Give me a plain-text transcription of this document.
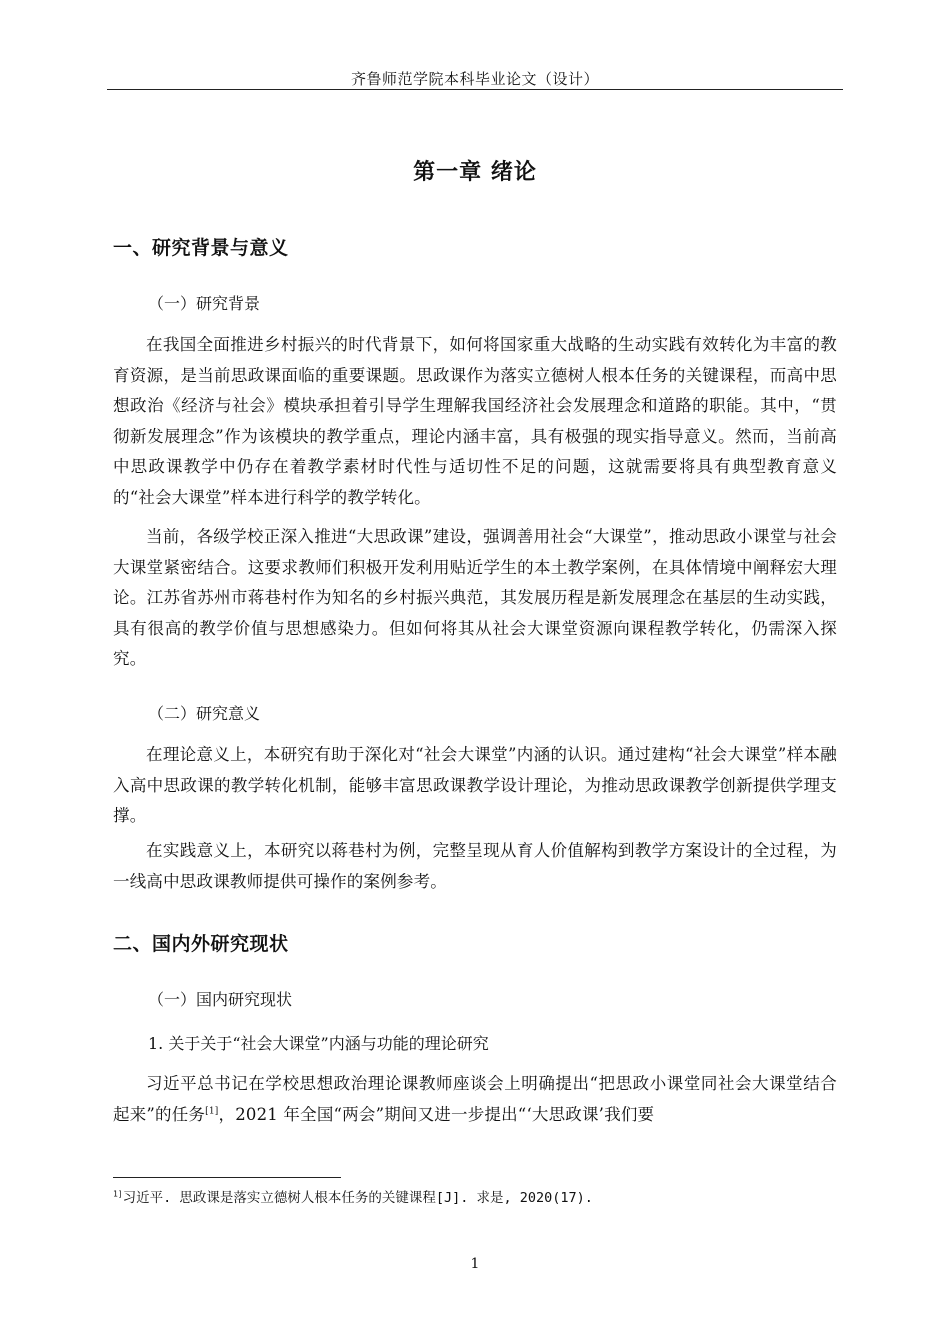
齐鲁师范学院本科毕业论文（设计）
第一章 绪论
一、研究背景与意义
（一）研究背景

在我国全面推进乡村振兴的时代背景下，如何将国家重大战略的生动实践有效转化为丰富的教育资源，是当前思政课面临的重要课题。思政课作为落实立德树人根本任务的关键课程，而高中思想政治《经济与社会》模块承担着引导学生理解我国经济社会发展理念和道路的职能。其中，“贯彻新发展理念”作为该模块的教学重点，理论内涵丰富，具有极强的现实指导意义。然而，当前高中思政课教学中仍存在着教学素材时代性与适切性不足的问题，这就需要将具有典型教育意义的“社会大课堂”样本进行科学的教学转化。

当前，各级学校正深入推进“大思政课”建设，强调善用社会“大课堂”，推动思政小课堂与社会大课堂紧密结合。这要求教师们积极开发利用贴近学生的本土教学案例，在具体情境中阐释宏大理论。江苏省苏州市蒋巷村作为知名的乡村振兴典范，其发展历程是新发展理念在基层的生动实践，具有很高的教学价值与思想感染力。但如何将其从社会大课堂资源向课程教学转化，仍需深入探究。

（二）研究意义

在理论意义上，本研究有助于深化对“社会大课堂”内涵的认识。通过建构“社会大课堂”样本融入高中思政课的教学转化机制，能够丰富思政课教学设计理论，为推动思政课教学创新提供学理支撑。

在实践意义上，本研究以蒋巷村为例，完整呈现从育人价值解构到教学方案设计的全过程，为一线高中思政课教师提供可操作的案例参考。

二、国内外研究现状
（一）国内研究现状
1. 关于关于“社会大课堂”内涵与功能的理论研究

习近平总书记在学校思想政治理论课教师座谈会上明确提出“把思政小课堂同社会大课堂结合起来”的任务[1]，2021 年全国“两会”期间又进一步提出“‘大思政课’我们要

$^{1]}$习近平. 思政课是落实立德树人根本任务的关键课程[J]. 求是, 2020(17).
1
